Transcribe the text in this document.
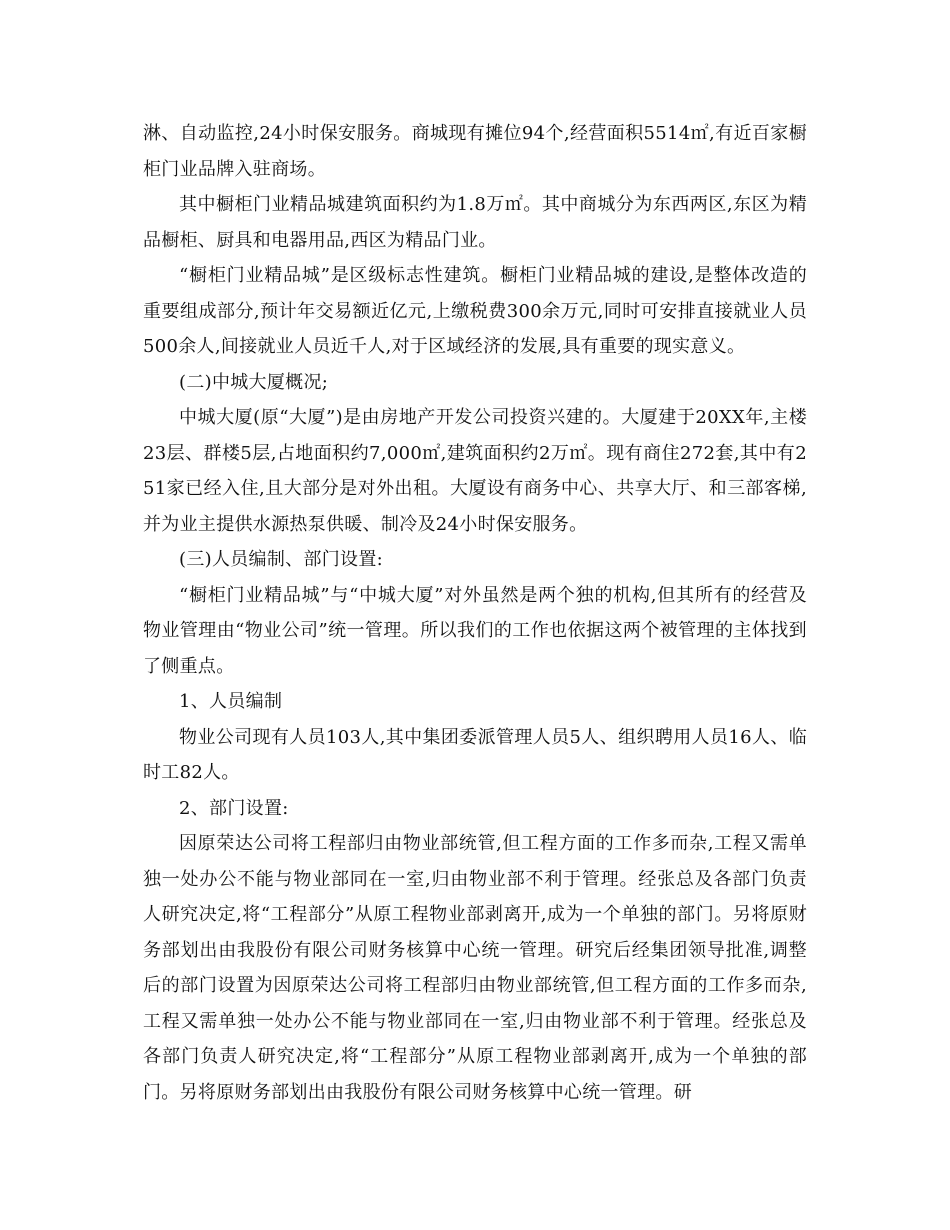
淋、自动监控,24小时保安服务。商城现有摊位94个,经营面积5514㎡,有近百家橱柜门业品牌入驻商场。

其中橱柜门业精品城建筑面积约为1.8万㎡。其中商城分为东西两区,东区为精品橱柜、厨具和电器用品,西区为精品门业。

“橱柜门业精品城”是区级标志性建筑。橱柜门业精品城的建设,是整体改造的重要组成部分,预计年交易额近亿元,上缴税费300余万元,同时可安排直接就业人员500余人,间接就业人员近千人,对于区域经济的发展,具有重要的现实意义。

(二)中城大厦概况;

中城大厦(原“大厦”)是由房地产开发公司投资兴建的。大厦建于20XX年,主楼23层、群楼5层,占地面积约7,000㎡,建筑面积约2万㎡。现有商住272套,其中有251家已经入住,且大部分是对外出租。大厦设有商务中心、共享大厅、和三部客梯,并为业主提供水源热泵供暖、制冷及24小时保安服务。

(三)人员编制、部门设置:

“橱柜门业精品城”与“中城大厦”对外虽然是两个独的机构,但其所有的经营及物业管理由“物业公司”统一管理。所以我们的工作也依据这两个被管理的主体找到了侧重点。

1、人员编制

物业公司现有人员103人,其中集团委派管理人员5人、组织聘用人员16人、临时工82人。

2、部门设置:

因原荣达公司将工程部归由物业部统管,但工程方面的工作多而杂,工程又需单独一处办公不能与物业部同在一室,归由物业部不利于管理。经张总及各部门负责人研究决定,将“工程部分”从原工程物业部剥离开,成为一个单独的部门。另将原财务部划出由我股份有限公司财务核算中心统一管理。研究后经集团领导批准,调整后的部门设置为因原荣达公司将工程部归由物业部统管,但工程方面的工作多而杂,工程又需单独一处办公不能与物业部同在一室,归由物业部不利于管理。经张总及各部门负责人研究决定,将“工程部分”从原工程物业部剥离开,成为一个单独的部门。另将原财务部划出由我股份有限公司财务核算中心统一管理。研
